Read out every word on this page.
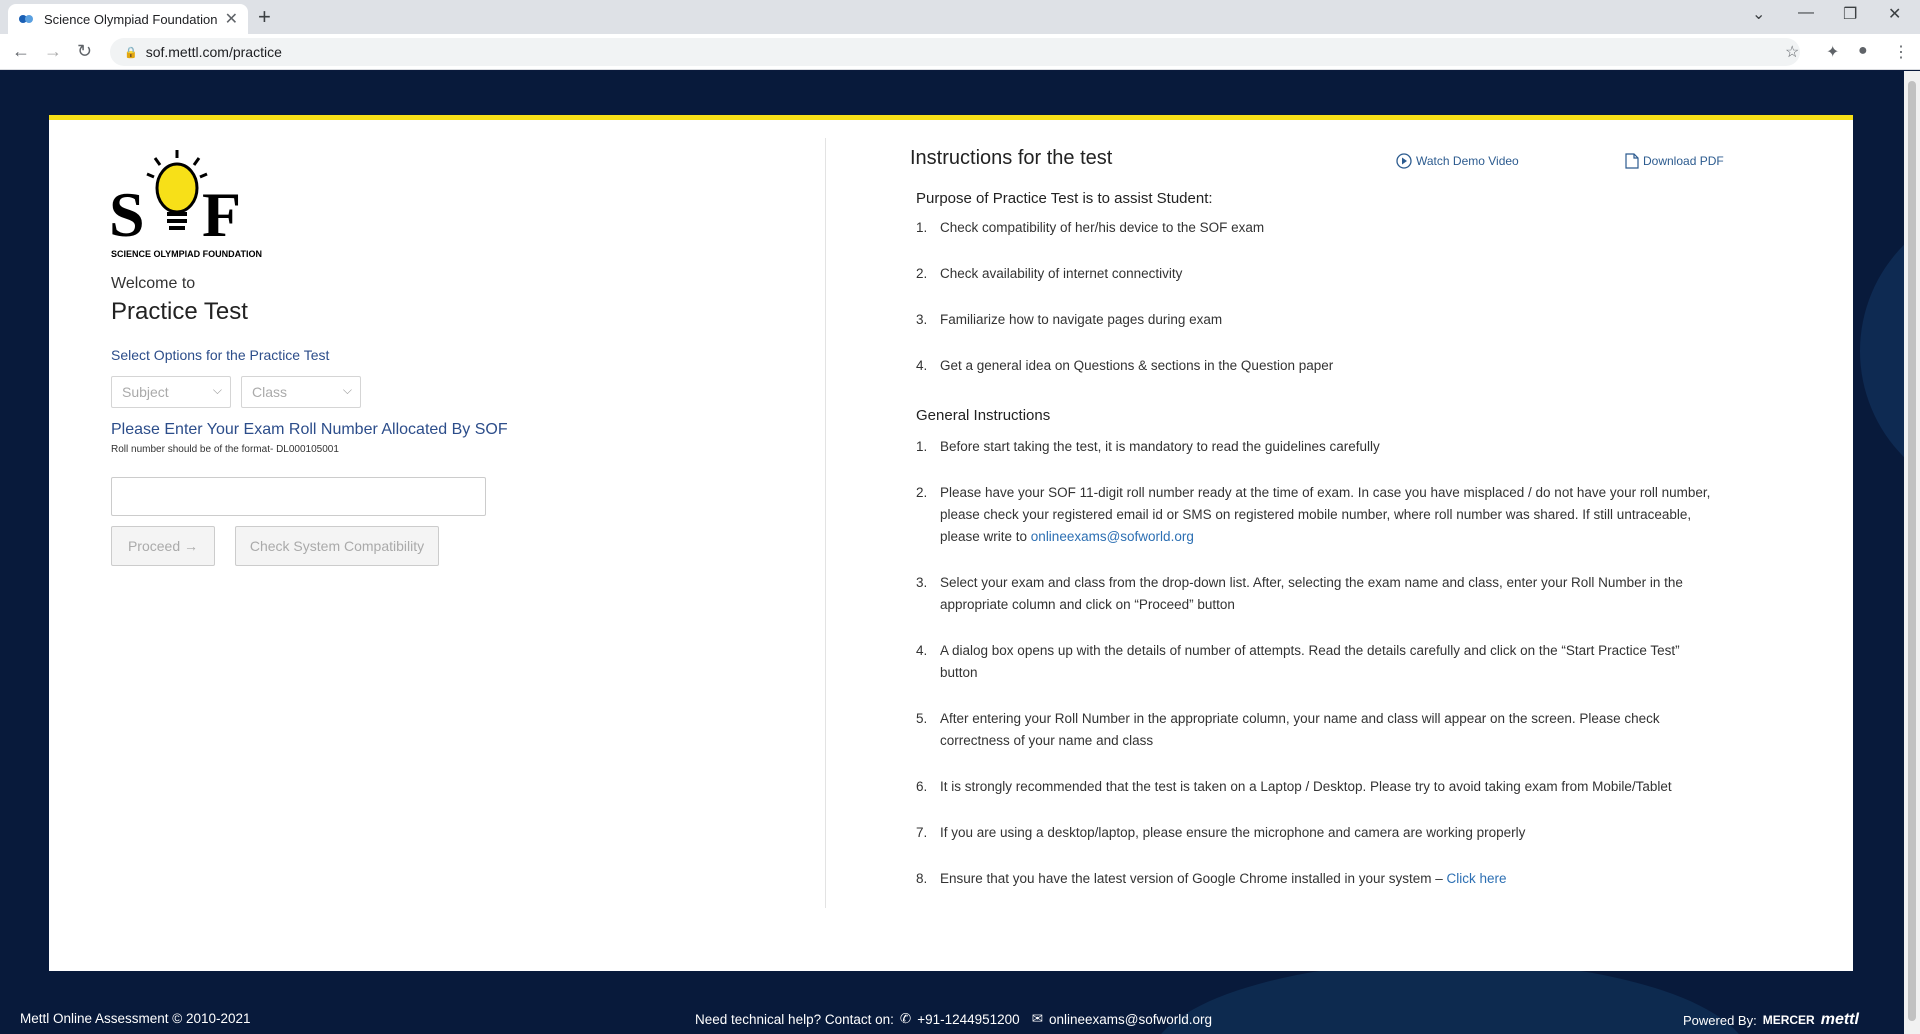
Science Olympiad Foundation ✕ +	⌄ — ❐ ✕
← → ↻	🔒 sof.mettl.com/practice	☆ ✦ ● ⋮
S F
SCIENCE OLYMPIAD FOUNDATION
Welcome to
Practice Test
Select Options for the Practice Test
Subject	⌵	Class	⌵
Please Enter Your Exam Roll Number Allocated By SOF
Roll number should be of the format- DL000105001
Proceed →	Check System Compatibility
Instructions for the test	Watch Demo Video	Download PDF
Purpose of Practice Test is to assist Student:
1. Check compatibility of her/his device to the SOF exam
2. Check availability of internet connectivity
3. Familiarize how to navigate pages during exam
4. Get a general idea on Questions & sections in the Question paper
General Instructions
1. Before start taking the test, it is mandatory to read the guidelines carefully
2. Please have your SOF 11-digit roll number ready at the time of exam. In case you have misplaced / do not have your roll number, please check your registered email id or SMS on registered mobile number, where roll number was shared. If still untraceable, please write to onlineexams@sofworld.org
3. Select your exam and class from the drop-down list. After, selecting the exam name and class, enter your Roll Number in the appropriate column and click on “Proceed” button
4. A dialog box opens up with the details of number of attempts. Read the details carefully and click on the “Start Practice Test” button
5. After entering your Roll Number in the appropriate column, your name and class will appear on the screen. Please check correctness of your name and class
6. It is strongly recommended that the test is taken on a Laptop / Desktop. Please try to avoid taking exam from Mobile/Tablet
7. If you are using a desktop/laptop, please ensure the microphone and camera are working properly
8. Ensure that you have the latest version of Google Chrome installed in your system – Click here
Mettl Online Assessment © 2010-2021	Need technical help? Contact on: ✆ +91-1244951200 ✉ onlineexams@sofworld.org	Powered By: MERCER mettl
